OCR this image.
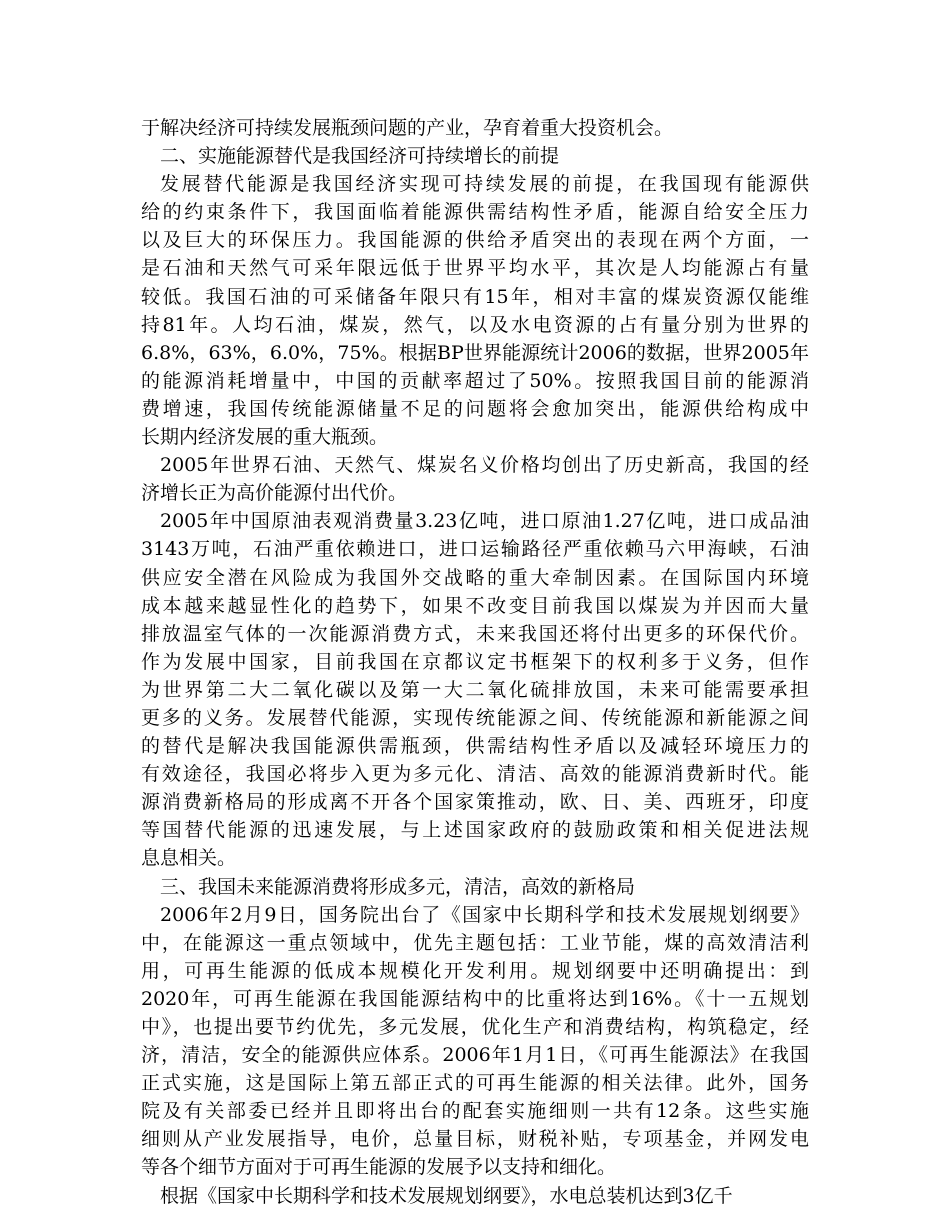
于解决经济可持续发展瓶颈问题的产业，孕育着重大投资机会。
二、实施能源替代是我国经济可持续增长的前提
发展替代能源是我国经济实现可持续发展的前提，在我国现有能源供
给的约束条件下，我国面临着能源供需结构性矛盾，能源自给安全压力
以及巨大的环保压力。我国能源的供给矛盾突出的表现在两个方面，一
是石油和天然气可采年限远低于世界平均水平，其次是人均能源占有量
较低。我国石油的可采储备年限只有15年，相对丰富的煤炭资源仅能维
持81年。人均石油，煤炭，然气，以及水电资源的占有量分别为世界的
6.8%，63%，6.0%，75%。根据BP世界能源统计2006的数据，世界2005年
的能源消耗增量中，中国的贡献率超过了50%。按照我国目前的能源消
费增速，我国传统能源储量不足的问题将会愈加突出，能源供给构成中
长期内经济发展的重大瓶颈。
2005年世界石油、天然气、煤炭名义价格均创出了历史新高，我国的经
济增长正为高价能源付出代价。
2005年中国原油表观消费量3.23亿吨，进口原油1.27亿吨，进口成品油
3143万吨，石油严重依赖进口，进口运输路径严重依赖马六甲海峡，石油
供应安全潜在风险成为我国外交战略的重大牵制因素。在国际国内环境
成本越来越显性化的趋势下，如果不改变目前我国以煤炭为并因而大量
排放温室气体的一次能源消费方式，未来我国还将付出更多的环保代价。
作为发展中国家，目前我国在京都议定书框架下的权利多于义务，但作
为世界第二大二氧化碳以及第一大二氧化硫排放国，未来可能需要承担
更多的义务。发展替代能源，实现传统能源之间、传统能源和新能源之间
的替代是解决我国能源供需瓶颈，供需结构性矛盾以及减轻环境压力的
有效途径，我国必将步入更为多元化、清洁、高效的能源消费新时代。能
源消费新格局的形成离不开各个国家策推动，欧、日、美、西班牙，印度
等国替代能源的迅速发展，与上述国家政府的鼓励政策和相关促进法规
息息相关。
三、我国未来能源消费将形成多元，清洁，高效的新格局
2006年2月9日，国务院出台了《国家中长期科学和技术发展规划纲要》
中，在能源这一重点领域中，优先主题包括：工业节能，煤的高效清洁利
用，可再生能源的低成本规模化开发利用。规划纲要中还明确提出：到
2020年，可再生能源在我国能源结构中的比重将达到16%。《十一五规划
中》，也提出要节约优先，多元发展，优化生产和消费结构，构筑稳定，经
济，清洁，安全的能源供应体系。2006年1月1日，《可再生能源法》在我国
正式实施，这是国际上第五部正式的可再生能源的相关法律。此外，国务
院及有关部委已经并且即将出台的配套实施细则一共有12条。这些实施
细则从产业发展指导，电价，总量目标，财税补贴，专项基金，并网发电
等各个细节方面对于可再生能源的发展予以支持和细化。
根据《国家中长期科学和技术发展规划纲要》，水电总装机达到3亿千
